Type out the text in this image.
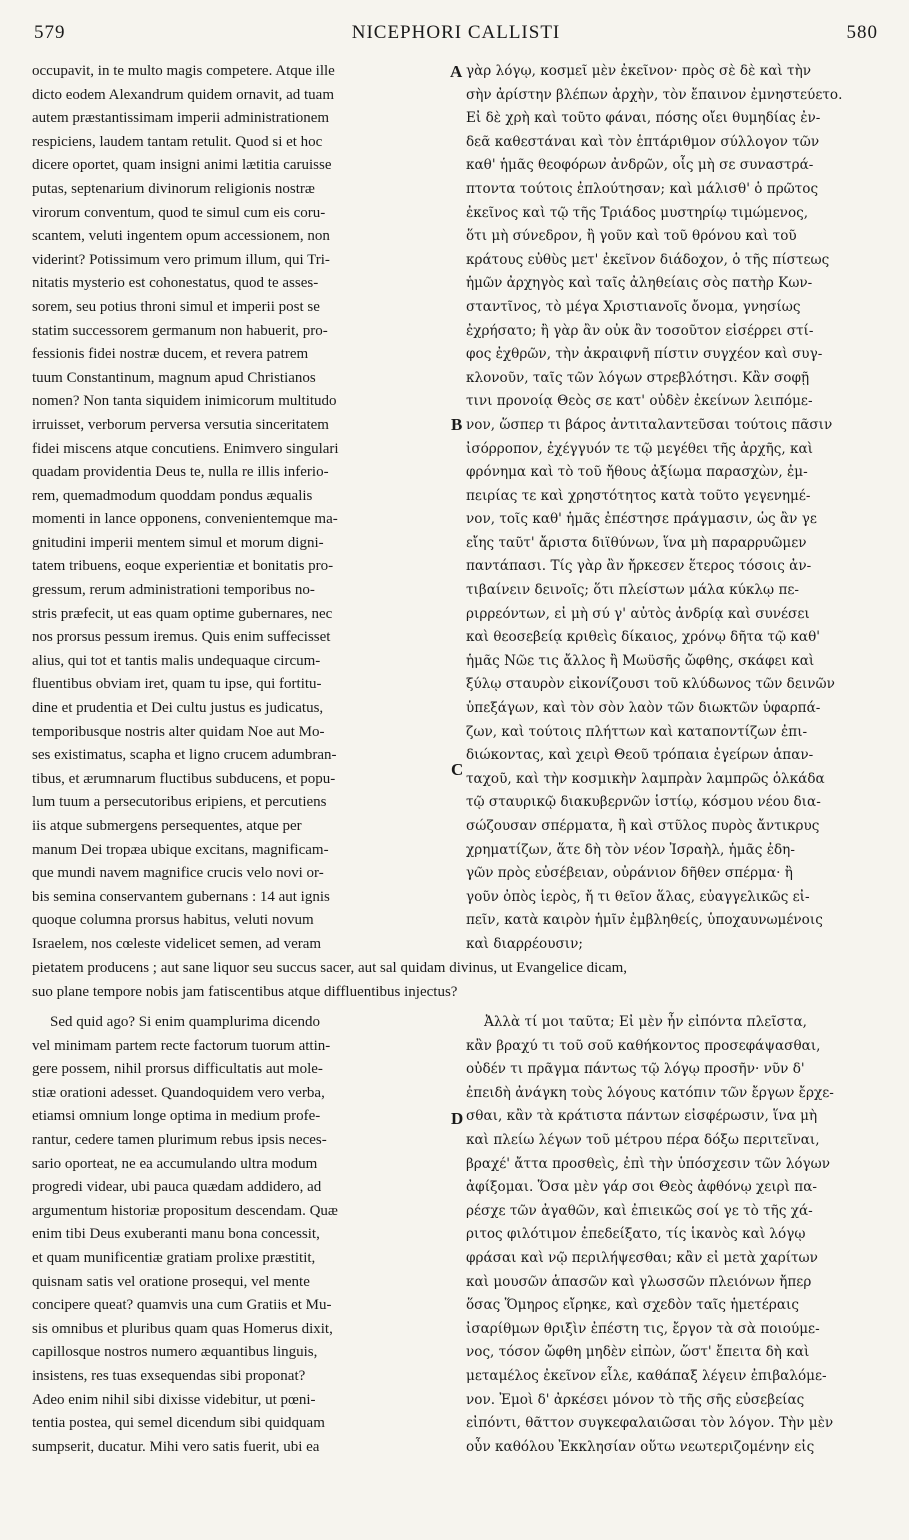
579	NICEPHORI CALLISTI	580
A
B
C
D
occupavit, in te multo magis competere. Atque ille
dicto eodem Alexandrum quidem ornavit, ad tuam
autem præstantissimam imperii administrationem
respiciens, laudem tantam retulit. Quod si et hoc
dicere oportet, quam insigni animi lætitia caruisse
putas, septenarium divinorum religionis nostræ
virorum conventum, quod te simul cum eis coru-
scantem, veluti ingentem opum accessionem, non
viderint? Potissimum vero primum illum, qui Tri-
nitatis mysterio est cohonestatus, quod te asses-
sorem, seu potius throni simul et imperii post se
statim successorem germanum non habuerit, pro-
fessionis fidei nostræ ducem, et revera patrem
tuum Constantinum, magnum apud Christianos
nomen? Non tanta siquidem inimicorum multitudo
irruisset, verborum perversa versutia sinceritatem
fidei miscens atque concutiens. Enimvero singulari
quadam providentia Deus te, nulla re illis inferio-
rem, quemadmodum quoddam pondus æqualis
momenti in lance opponens, convenientemque ma-
gnitudini imperii mentem simul et morum digni-
tatem tribuens, eoque experientiæ et bonitatis pro-
gressum, rerum administrationi temporibus no-
stris præfecit, ut eas quam optime gubernares, nec
nos prorsus pessum iremus. Quis enim suffecisset
alius, qui tot et tantis malis undequaque circum-
fluentibus obviam iret, quam tu ipse, qui fortitu-
dine et prudentia et Dei cultu justus es judicatus,
temporibusque nostris alter quidam Noe aut Mo-
ses existimatus, scapha et ligno crucem adumbran-
tibus, et ærumnarum fluctibus subducens, et popu-
lum tuum a persecutoribus eripiens, et percutiens
iis atque submergens persequentes, atque per
manum Dei tropæa ubique excitans, magnificam-
que mundi navem magnifice crucis velo novi or-
bis semina conservantem gubernans : 14 aut ignis
quoque columna prorsus habitus, veluti novum
Israelem, nos cœleste videlicet semen, ad veram
γὰρ λόγῳ, κοσμεῖ μὲν ἐκεῖνον· πρὸς σὲ δὲ καὶ τὴν
σὴν ἀρίστην βλέπων ἀρχὴν, τὸν ἔπαινον ἐμνηστεύετο.
Εἰ δὲ χρὴ καὶ τοῦτο φάναι, πόσης οἴει θυμηδίας ἐν-
δεᾶ καθεστάναι καὶ τὸν ἑπτάριθμον σύλλογον τῶν
καθ' ἡμᾶς θεοφόρων ἀνδρῶν, οἷς μὴ σε συναστρά-
πτοντα τούτοις ἐπλούτησαν; καὶ μάλισθ' ὁ πρῶτος
ἐκεῖνος καὶ τῷ τῆς Τριάδος μυστηρίῳ τιμώμενος,
ὅτι μὴ σύνεδρον, ἢ γοῦν καὶ τοῦ θρόνου καὶ τοῦ
κράτους εὐθὺς μετ' ἐκεῖνον διάδοχον, ὁ τῆς πίστεως
ἡμῶν ἀρχηγὸς καὶ ταῖς ἀληθείαις σὸς πατὴρ Κων-
σταντῖνος, τὸ μέγα Χριστιανοῖς ὄνομα, γνησίως
ἐχρήσατο; ἢ γὰρ ἂν οὐκ ἂν τοσοῦτον εἰσέρρει στί-
φος ἐχθρῶν, τὴν ἀκραιφνῆ πίστιν συγχέον καὶ συγ-
κλονοῦν, ταῖς τῶν λόγων στρεβλότησι. Κἂν σοφῇ
τινι προνοίᾳ Θεὸς σε κατ' οὐδὲν ἐκείνων λειπόμε-
νον, ὥσπερ τι βάρος ἀντιταλαντεῦσαι τούτοις πᾶσιν
ἰσόρροπον, ἐχέγγυόν τε τῷ μεγέθει τῆς ἀρχῆς, καὶ
φρόνημα καὶ τὸ τοῦ ἤθους ἀξίωμα παρασχὼν, ἐμ-
πειρίας τε καὶ χρηστότητος κατὰ τοῦτο γεγενημέ-
νον, τοῖς καθ' ἡμᾶς ἐπέστησε πράγμασιν, ὡς ἂν γε
εἴης ταῦτ' ἄριστα διϊθύνων, ἵνα μὴ παραρρυῶμεν
παντάπασι. Τίς γὰρ ἂν ἤρκεσεν ἕτερος τόσοις ἀν-
τιβαίνειν δεινοῖς; ὅτι πλείστων μάλα κύκλῳ πε-
ριρρεόντων, εἰ μὴ σύ γ' αὐτὸς ἀνδρίᾳ καὶ συνέσει
καὶ θεοσεβείᾳ κριθεὶς δίκαιος, χρόνῳ δῆτα τῷ καθ'
ἡμᾶς Νῶε τις ἄλλος ἢ Μωϋσῆς ὤφθης, σκάφει καὶ
ξύλῳ σταυρὸν εἰκονίζουσι τοῦ κλύδωνος τῶν δεινῶν
ὑπεξάγων, καὶ τὸν σὸν λαὸν τῶν διωκτῶν ὑφαρπά-
ζων, καὶ τούτοις πλήττων καὶ καταποντίζων ἐπι-
διώκοντας, καὶ χειρὶ Θεοῦ τρόπαια ἐγείρων ἁπαν-
ταχοῦ, καὶ τὴν κοσμικὴν λαμπρὰν λαμπρῶς ὁλκάδα
τῷ σταυρικῷ διακυβερνῶν ἱστίῳ, κόσμου νέου δια-
σώζουσαν σπέρματα, ἢ καὶ στῦλος πυρὸς ἄντικρυς
χρηματίζων, ἅτε δὴ τὸν νέον Ἰσραὴλ, ἡμᾶς ἐδη-
γῶν πρὸς εὐσέβειαν, οὐράνιον δῆθεν σπέρμα· ἢ
γοῦν ὀπὸς ἱερὸς, ἤ τι θεῖον ἅλας, εὐαγγελικῶς εἰ-
πεῖν, κατὰ καιρὸν ἡμῖν ἐμβληθείς, ὑποχαυνωμένοις
καὶ διαρρέουσιν;
pietatem producens ; aut sane liquor seu succus sacer, aut sal quidam divinus, ut Evangelice dicam,
suo plane tempore nobis jam fatiscentibus atque diffluentibus injectus?
Sed quid ago? Si enim quamplurima dicendo
vel minimam partem recte factorum tuorum attin-
gere possem, nihil prorsus difficultatis aut mole-
stiæ orationi adesset. Quandoquidem vero verba,
etiamsi omnium longe optima in medium profe-
rantur, cedere tamen plurimum rebus ipsis neces-
sario oporteat, ne ea accumulando ultra modum
progredi videar, ubi pauca quædam addidero, ad
argumentum historiæ propositum descendam. Quæ
enim tibi Deus exuberanti manu bona concessit,
et quam munificentiæ gratiam prolixe præstitit,
quisnam satis vel oratione prosequi, vel mente
concipere queat? quamvis una cum Gratiis et Mu-
sis omnibus et pluribus quam quas Homerus dixit,
capillosque nostros numero æquantibus linguis,
insistens, res tuas exsequendas sibi proponat?
Adeo enim nihil sibi dixisse videbitur, ut pœni-
tentia postea, qui semel dicendum sibi quidquam
sumpserit, ducatur. Mihi vero satis fuerit, ubi ea
Ἀλλὰ τί μοι ταῦτα; Εἰ μὲν ἦν εἰπόντα πλεῖστα,
κἂν βραχύ τι τοῦ σοῦ καθήκοντος προσεφάψασθαι,
οὐδέν τι πρᾶγμα πάντως τῷ λόγῳ προσῆν· νῦν δ'
ἐπειδὴ ἀνάγκη τοὺς λόγους κατόπιν τῶν ἔργων ἔρχε-
σθαι, κἂν τὰ κράτιστα πάντων εἰσφέρωσιν, ἵνα μὴ
καὶ πλείω λέγων τοῦ μέτρου πέρα δόξω περιτεῖναι,
βραχέ' ἄττα προσθεὶς, ἐπὶ τὴν ὑπόσχεσιν τῶν λόγων
ἀφίξομαι. Ὅσα μὲν γάρ σοι Θεὸς ἀφθόνῳ χειρὶ πα-
ρέσχε τῶν ἀγαθῶν, καὶ ἐπιεικῶς σοί γε τὸ τῆς χά-
ριτος φιλότιμον ἐπεδείξατο, τίς ἱκανὸς καὶ λόγῳ
φράσαι καὶ νῷ περιλήψεσθαι; κἂν εἰ μετὰ χαρίτων
καὶ μουσῶν ἁπασῶν καὶ γλωσσῶν πλειόνων ἤπερ
ὅσας Ὅμηρος εἴρηκε, καὶ σχεδὸν ταῖς ἡμετέραις
ἰσαρίθμων θριξὶν ἐπέστη τις, ἔργον τὰ σὰ ποιούμε-
νος, τόσον ὤφθη μηδὲν εἰπὼν, ὥστ' ἔπειτα δὴ καὶ
μεταμέλος ἐκεῖνον εἷλε, καθάπαξ λέγειν ἐπιβαλόμε-
νον. Ἐμοὶ δ' ἀρκέσει μόνον τὸ τῆς σῆς εὐσεβείας
εἰπόντι, θᾶττον συγκεφαλαιῶσαι τὸν λόγον. Τὴν μὲν
οὖν καθόλου Ἐκκλησίαν οὕτω νεωτεριζομένην εἰς
